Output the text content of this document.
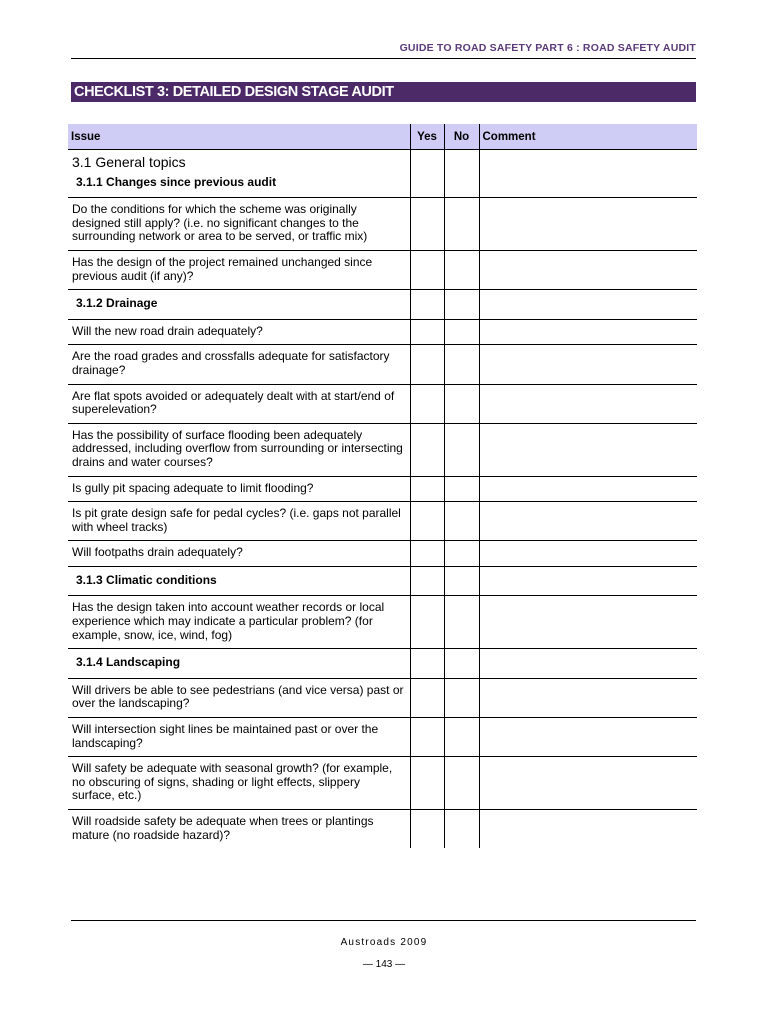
GUIDE TO ROAD SAFETY PART 6 : ROAD SAFETY AUDIT
CHECKLIST 3: DETAILED DESIGN STAGE AUDIT
Issue	Yes	No	Comment
3.1 General topics			
3.1.1 Changes since previous audit			
Do the conditions for which the scheme was originally designed still apply? (i.e. no significant changes to the surrounding network or area to be served, or traffic mix)			
Has the design of the project remained unchanged since previous audit (if any)?			
3.1.2 Drainage			
Will the new road drain adequately?			
Are the road grades and crossfalls adequate for satisfactory drainage?			
Are flat spots avoided or adequately dealt with at start/end of superelevation?			
Has the possibility of surface flooding been adequately addressed, including overflow from surrounding or intersecting drains and water courses?			
Is gully pit spacing adequate to limit flooding?			
Is pit grate design safe for pedal cycles? (i.e. gaps not parallel with wheel tracks)			
Will footpaths drain adequately?			
3.1.3 Climatic conditions			
Has the design taken into account weather records or local experience which may indicate a particular problem? (for example, snow, ice, wind, fog)			
3.1.4 Landscaping			
Will drivers be able to see pedestrians (and vice versa) past or over the landscaping?			
Will intersection sight lines be maintained past or over the landscaping?			
Will safety be adequate with seasonal growth? (for example, no obscuring of signs, shading or light effects, slippery surface, etc.)			
Will roadside safety be adequate when trees or plantings mature (no roadside hazard)?			
Austroads 2009
— 143 —
